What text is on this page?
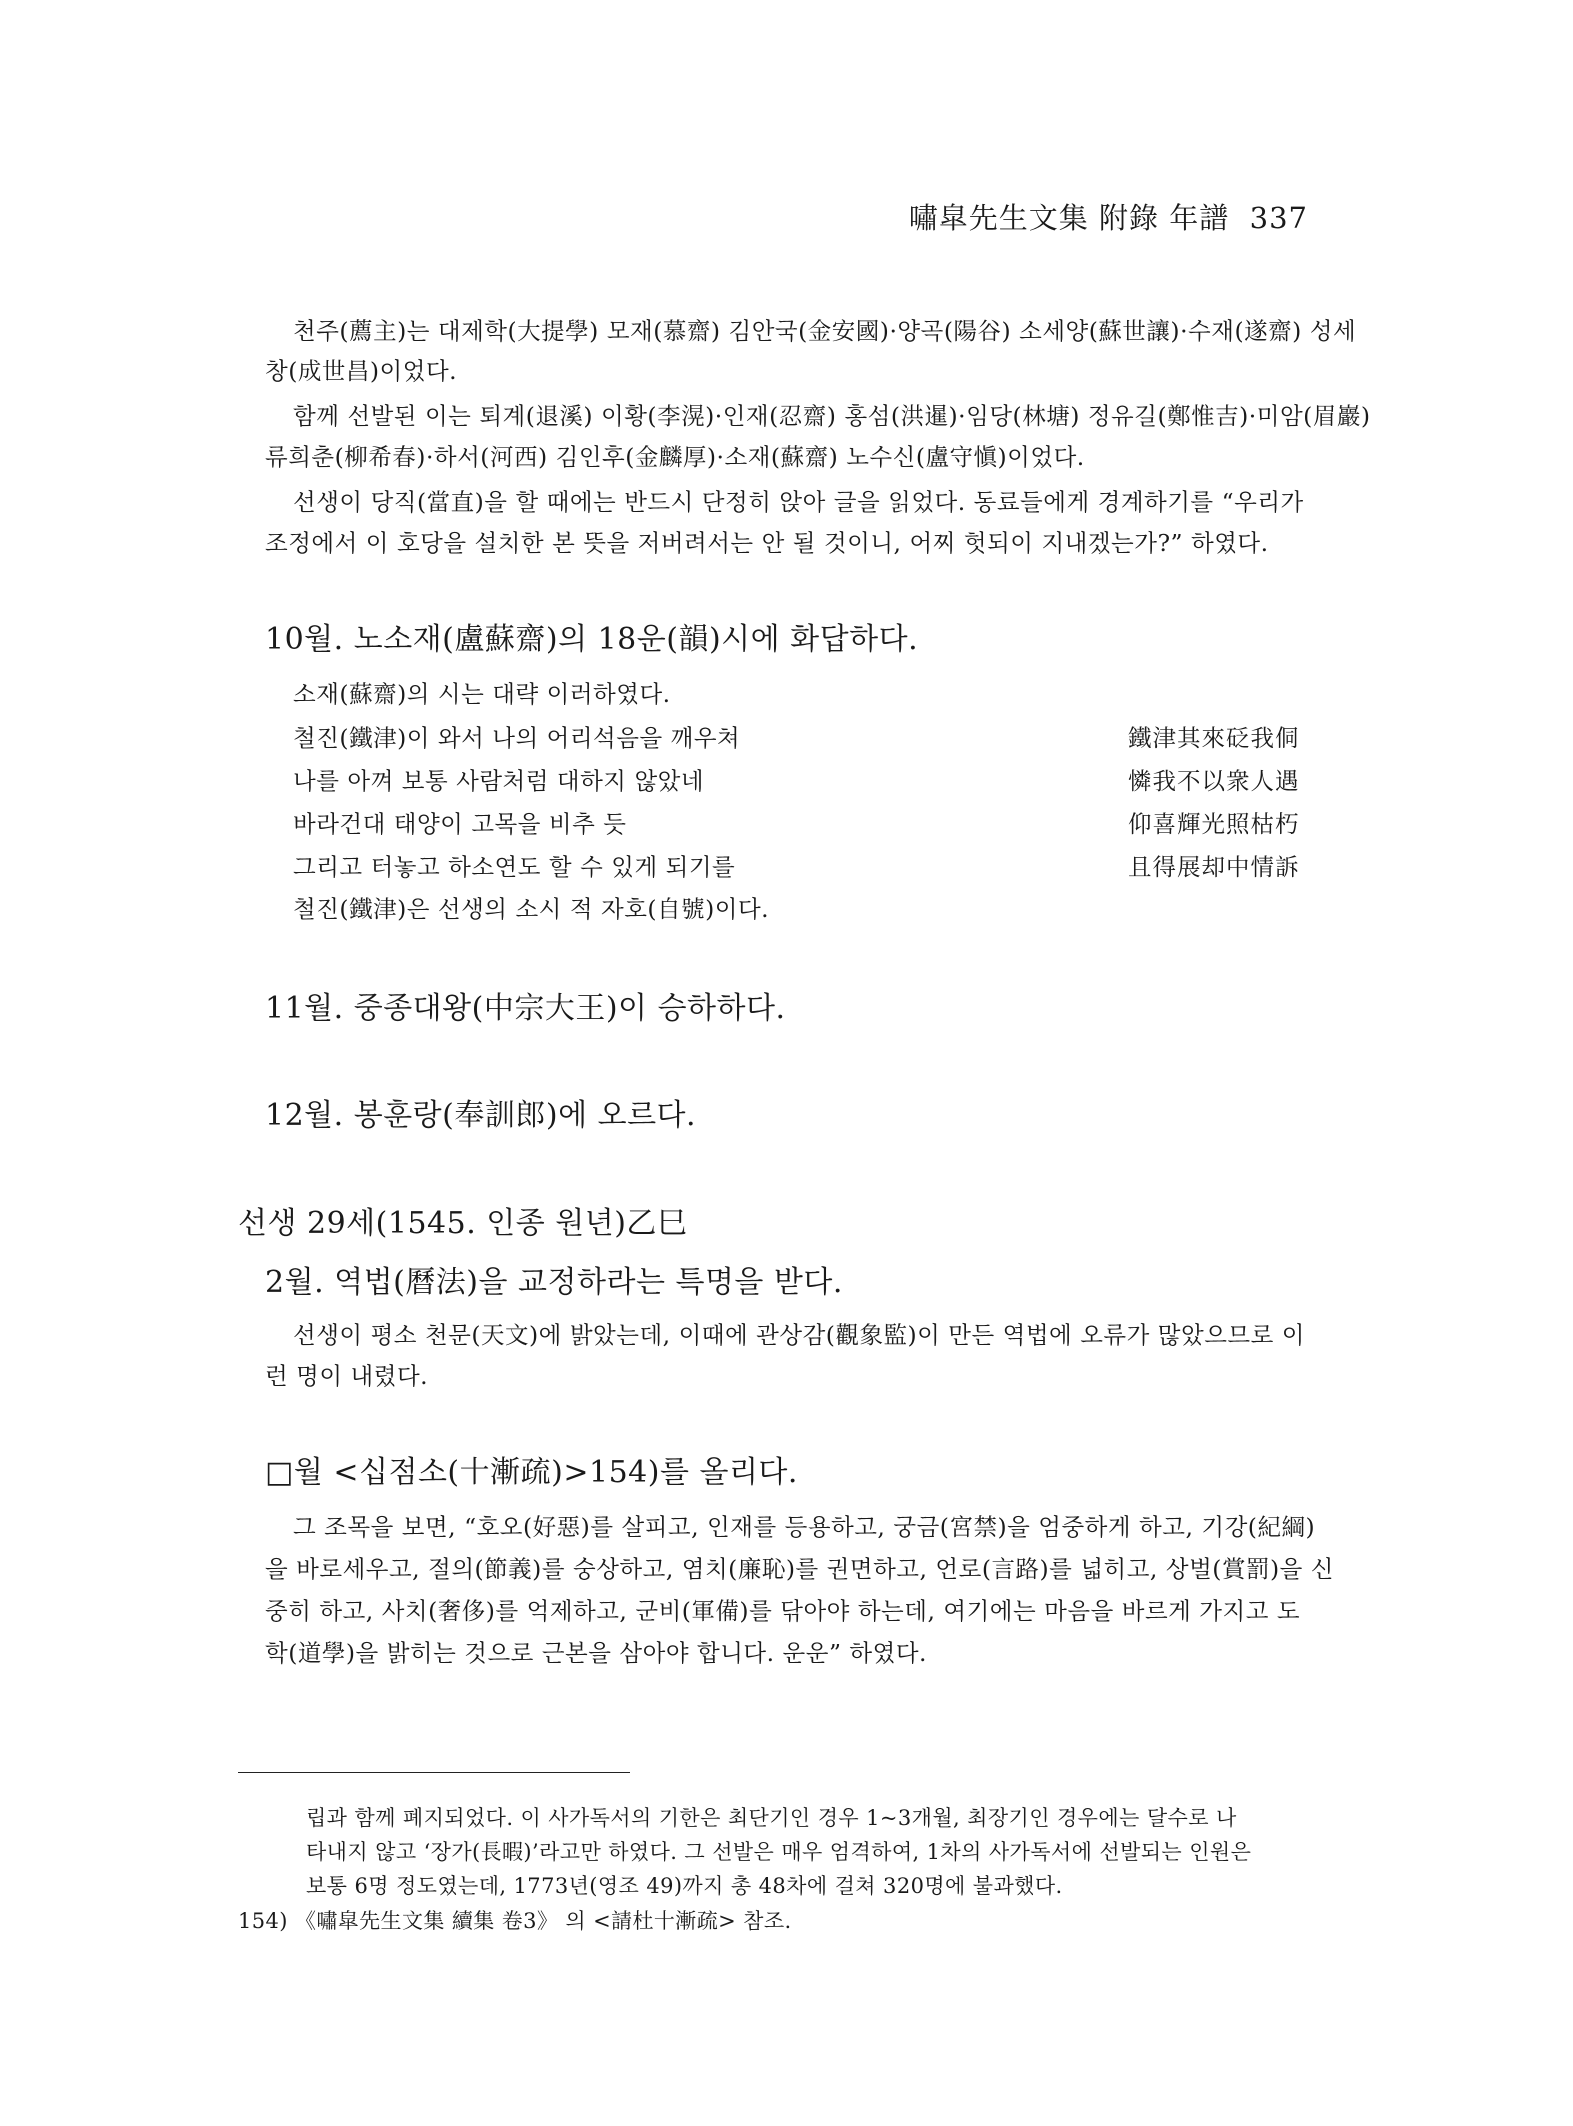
嘯皐先生文集 附錄 年譜 337

천주(薦主)는 대제학(大提學) 모재(慕齋) 김안국(金安國)·양곡(陽谷) 소세양(蘇世讓)·수재(遂齋) 성세

창(成世昌)이었다.

함께 선발된 이는 퇴계(退溪) 이황(李滉)·인재(忍齋) 홍섬(洪暹)·임당(林塘) 정유길(鄭惟吉)·미암(眉巖)

류희춘(柳希春)·하서(河西) 김인후(金麟厚)·소재(蘇齋) 노수신(盧守愼)이었다.

선생이 당직(當直)을 할 때에는 반드시 단정히 앉아 글을 읽었다. 동료들에게 경계하기를 “우리가

조정에서 이 호당을 설치한 본 뜻을 저버려서는 안 될 것이니, 어찌 헛되이 지내겠는가?” 하였다.

10월. 노소재(盧蘇齋)의 18운(韻)시에 화답하다.

소재(蘇齋)의 시는 대략 이러하였다.

철진(鐵津)이 와서 나의 어리석음을 깨우쳐	鐵津其來砭我侗

나를 아껴 보통 사람처럼 대하지 않았네	憐我不以衆人遇

바라건대 태양이 고목을 비추 듯	仰喜輝光照枯朽

그리고 터놓고 하소연도 할 수 있게 되기를	且得展却中情訴

철진(鐵津)은 선생의 소시 적 자호(自號)이다.

11월. 중종대왕(中宗大王)이 승하하다.
12월. 봉훈랑(奉訓郎)에 오르다.
선생 29세(1545. 인종 원년)乙巳
2월. 역법(曆法)을 교정하라는 특명을 받다.

선생이 평소 천문(天文)에 밝았는데, 이때에 관상감(觀象監)이 만든 역법에 오류가 많았으므로 이

런 명이 내렸다.

□월 <십점소(十漸疏)>154)를 올리다.

그 조목을 보면, “호오(好惡)를 살피고, 인재를 등용하고, 궁금(宮禁)을 엄중하게 하고, 기강(紀綱)

을 바로세우고, 절의(節義)를 숭상하고, 염치(廉恥)를 권면하고, 언로(言路)를 넓히고, 상벌(賞罰)을 신

중히 하고, 사치(奢侈)를 억제하고, 군비(軍備)를 닦아야 하는데, 여기에는 마음을 바르게 가지고 도

학(道學)을 밝히는 것으로 근본을 삼아야 합니다. 운운” 하였다.

립과 함께 폐지되었다. 이 사가독서의 기한은 최단기인 경우 1~3개월, 최장기인 경우에는 달수로 나

타내지 않고 ‘장가(長暇)’라고만 하였다. 그 선발은 매우 엄격하여, 1차의 사가독서에 선발되는 인원은

보통 6명 정도였는데, 1773년(영조 49)까지 총 48차에 걸쳐 320명에 불과했다.

154) 《嘯皐先生文集 續集 卷3》 의 <請杜十漸疏> 참조.
